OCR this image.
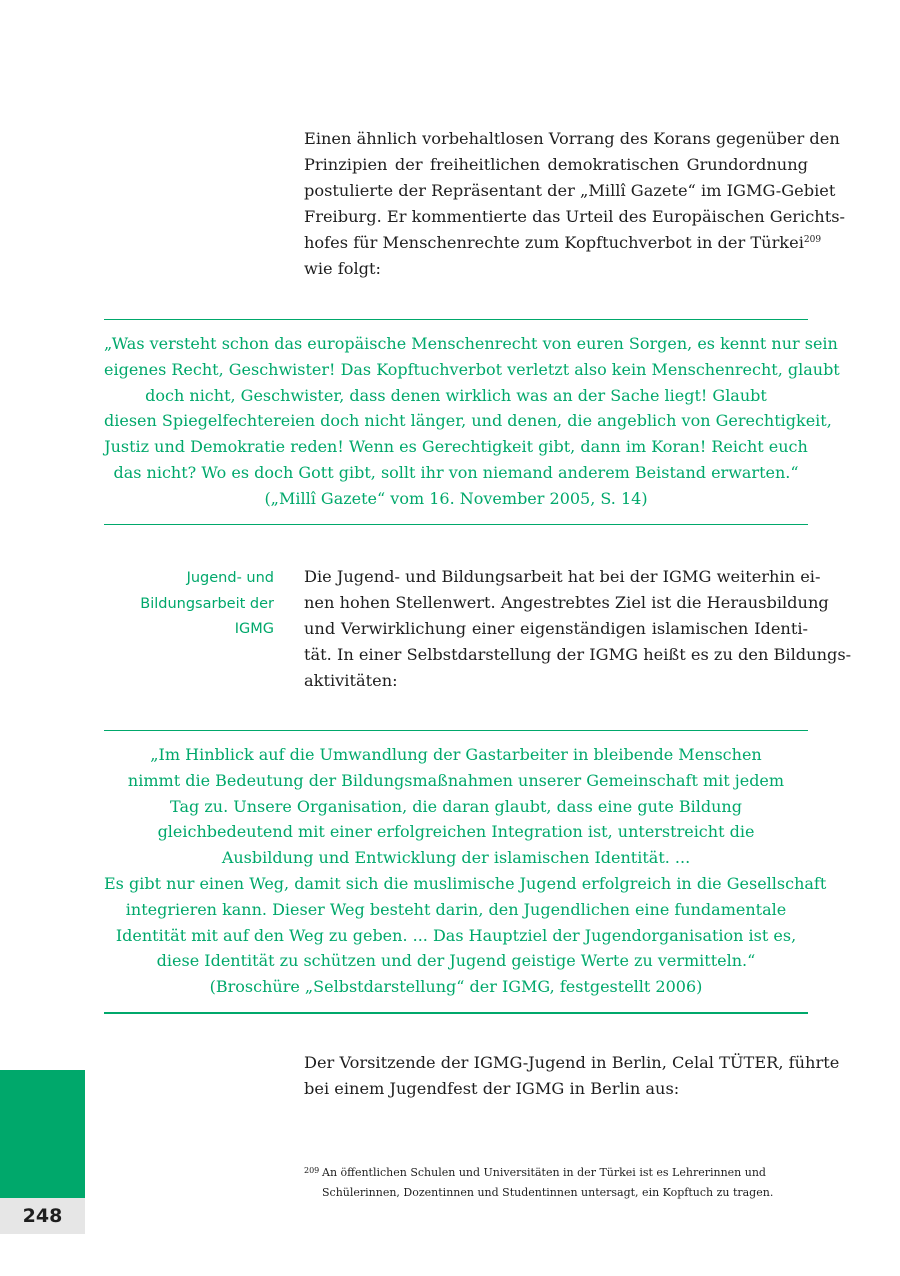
Einen ähnlich vorbehaltlosen Vorrang des Korans gegenüber den
Prinzipien der freiheitlichen demokratischen Grundordnung
postulierte der Repräsentant der „Millî Gazete“ im IGMG-Gebiet
Freiburg. Er kommentierte das Urteil des Europäischen Gerichts-
hofes für Menschenrechte zum Kopftuchverbot in der Türkei$^{209}$
wie folgt:
„Was versteht schon das europäische Menschenrecht von euren Sorgen, es kennt nur sein
eigenes Recht, Geschwister! Das Kopftuchverbot verletzt also kein Menschenrecht, glaubt
doch nicht, Geschwister, dass denen wirklich was an der Sache liegt! Glaubt
diesen Spiegelfechtereien doch nicht länger, und denen, die angeblich von Gerechtigkeit,
Justiz und Demokratie reden! Wenn es Gerechtigkeit gibt, dann im Koran! Reicht euch
das nicht? Wo es doch Gott gibt, sollt ihr von niemand anderem Beistand erwarten.“
(„Millî Gazete“ vom 16. November 2005, S. 14)
Jugend- und
Bildungsarbeit der
IGMG
Die Jugend- und Bildungsarbeit hat bei der IGMG weiterhin ei-
nen hohen Stellenwert. Angestrebtes Ziel ist die Herausbildung
und Verwirklichung einer eigenständigen islamischen Identi-
tät. In einer Selbstdarstellung der IGMG heißt es zu den Bildungs-
aktivitäten:
„Im Hinblick auf die Umwandlung der Gastarbeiter in bleibende Menschen
nimmt die Bedeutung der Bildungsmaßnahmen unserer Gemeinschaft mit jedem
Tag zu. Unsere Organisation, die daran glaubt, dass eine gute Bildung
gleichbedeutend mit einer erfolgreichen Integration ist, unterstreicht die
Ausbildung und Entwicklung der islamischen Identität. ...
Es gibt nur einen Weg, damit sich die muslimische Jugend erfolgreich in die Gesellschaft
integrieren kann. Dieser Weg besteht darin, den Jugendlichen eine fundamentale
Identität mit auf den Weg zu geben. ... Das Hauptziel der Jugendorganisation ist es,
diese Identität zu schützen und der Jugend geistige Werte zu vermitteln.“
(Broschüre „Selbstdarstellung“ der IGMG, festgestellt 2006)
Der Vorsitzende der IGMG-Jugend in Berlin, Celal TÜTER, führte
bei einem Jugendfest der IGMG in Berlin aus:
209 An öffentlichen Schulen und Universitäten in der Türkei ist es Lehrerinnen und
Schülerinnen, Dozentinnen und Studentinnen untersagt, ein Kopftuch zu tragen.
248
